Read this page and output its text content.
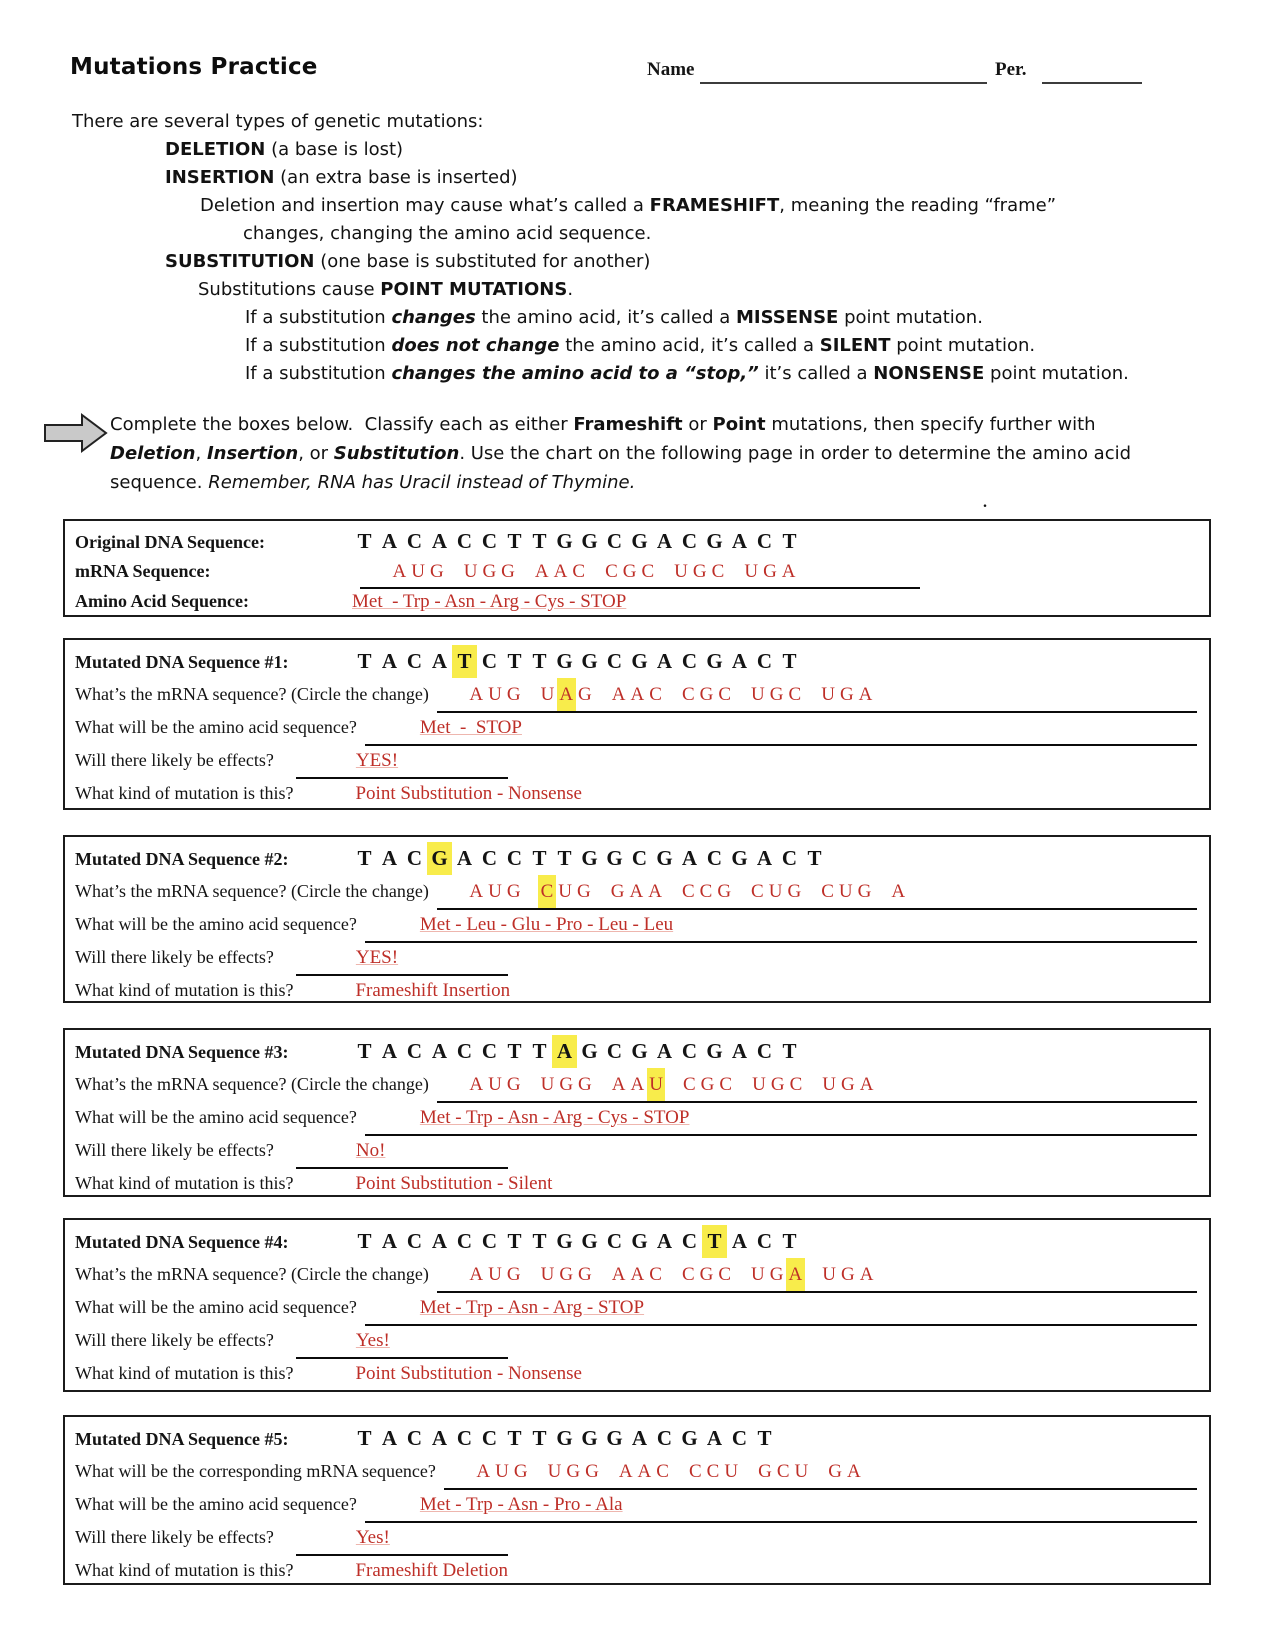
Mutations Practice	Name	Per.
There are several types of genetic mutations:
DELETION (a base is lost)
INSERTION (an extra base is inserted)
Deletion and insertion may cause what’s called a FRAMESHIFT, meaning the reading “frame”
changes, changing the amino acid sequence.
SUBSTITUTION (one base is substituted for another)
Substitutions cause POINT MUTATIONS.
If a substitution changes the amino acid, it’s called a MISSENSE point mutation.
If a substitution does not change the amino acid, it’s called a SILENT point mutation.
If a substitution changes the amino acid to a “stop,” it’s called a NONSENSE point mutation.
Complete the boxes below.  Classify each as either Frameshift or Point mutations, then specify further with
Deletion, Insertion, or Substitution. Use the chart on the following page in order to determine the amino acid
sequence. Remember, RNA has Uracil instead of Thymine.
.
Original DNA Sequence:	T A C A C C T T G G C G A C G A C T
mRNA Sequence:	A U G U G G A A C C G C U G C U G A
Amino Acid Sequence:	Met  - Trp - Asn - Arg - Cys - STOP
Mutated DNA Sequence #1:	T A C A T C T T G G C G A C G A C T
What’s the mRNA sequence? (Circle the change)	A U G U A G A A C C G C U G C U G A
What will be the amino acid sequence?	Met  -  STOP
Will there likely be effects?	YES!
What kind of mutation is this?	Point Substitution - Nonsense
Mutated DNA Sequence #2:	T A C G A C C T T G G C G A C G A C T
What’s the mRNA sequence? (Circle the change)	A U G C U G G A A C C G C U G C U G A
What will be the amino acid sequence?	Met - Leu - Glu - Pro - Leu - Leu
Will there likely be effects?	YES!
What kind of mutation is this?	Frameshift Insertion
Mutated DNA Sequence #3:	T A C A C C T T A G C G A C G A C T
What’s the mRNA sequence? (Circle the change)	A U G U G G A A U C G C U G C U G A
What will be the amino acid sequence?	Met - Trp - Asn - Arg - Cys - STOP
Will there likely be effects?	No!
What kind of mutation is this?	Point Substitution - Silent
Mutated DNA Sequence #4:	T A C A C C T T G G C G A C T A C T
What’s the mRNA sequence? (Circle the change)	A U G U G G A A C C G C U G A U G A
What will be the amino acid sequence?	Met - Trp - Asn - Arg - STOP
Will there likely be effects?	Yes!
What kind of mutation is this?	Point Substitution - Nonsense
Mutated DNA Sequence #5:	T A C A C C T T G G G A C G A C T
What will be the corresponding mRNA sequence?	A U G U G G A A C C C U G C U G A
What will be the amino acid sequence?	Met - Trp - Asn - Pro - Ala
Will there likely be effects?	Yes!
What kind of mutation is this?	Frameshift Deletion
